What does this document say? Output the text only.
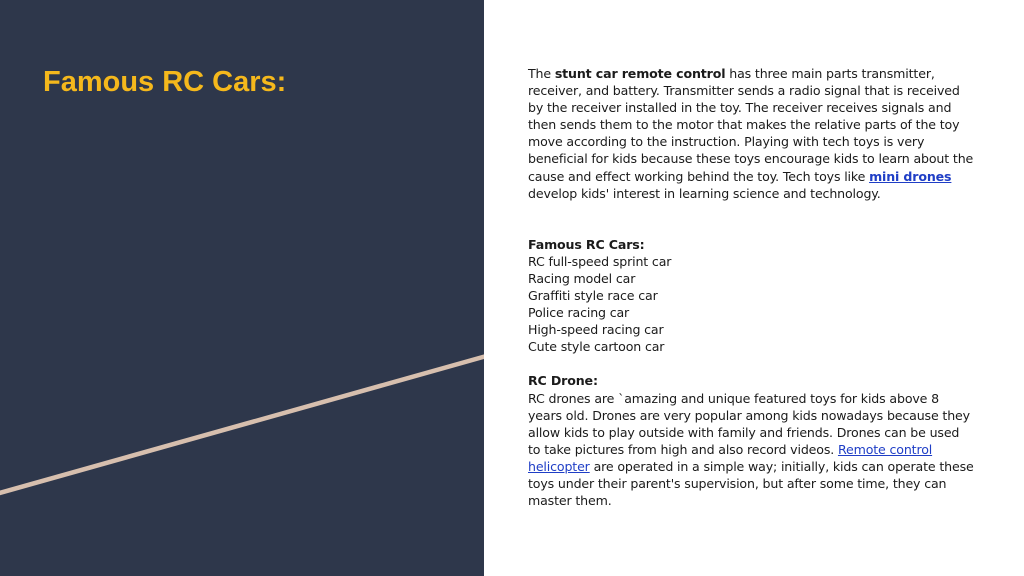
Famous RC Cars:	The stunt car remote control has three main parts transmitter, receiver, and battery. Transmitter sends a radio signal that is received by the receiver installed in the toy. The receiver receives signals and then sends them to the motor that makes the relative parts of the toy move according to the instruction. Playing with tech toys is very beneficial for kids because these toys encourage kids to learn about the cause and effect working behind the toy. Tech toys like mini drones develop kids' interest in learning science and technology.

Famous RC Cars:

RC full-speed sprint car
Racing model car
Graffiti style race car
Police racing car
High-speed racing car
Cute style cartoon car

RC Drone:

RC drones are `amazing and unique featured toys for kids above 8 years old. Drones are very popular among kids nowadays because they allow kids to play outside with family and friends. Drones can be used to take pictures from high and also record videos. Remote control helicopter are operated in a simple way; initially, kids can operate these toys under their parent's supervision, but after some time, they can master them.
